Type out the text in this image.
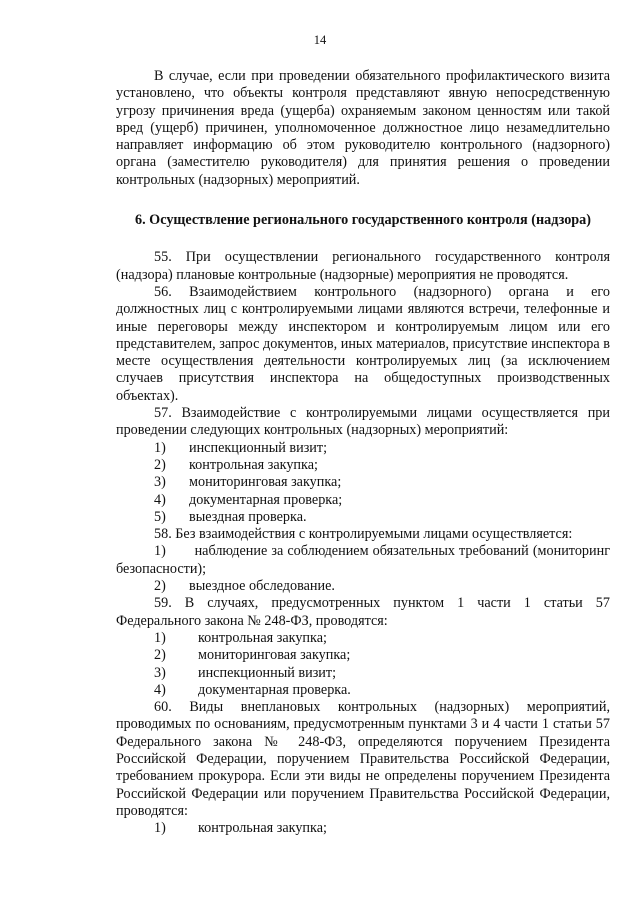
14

В случае, если при проведении обязательного профилактического визита установлено, что объекты контроля представляют явную непосредственную угрозу причинения вреда (ущерба) охраняемым законом ценностям или такой вред (ущерб) причинен, уполномоченное должностное лицо незамедлительно направляет информацию об этом руководителю контрольного (надзорного) органа (заместителю руководителя) для принятия решения о проведении контрольных (надзорных) мероприятий.

6. Осуществление регионального государственного контроля (надзора)

55. При осуществлении регионального государственного контроля (надзора) плановые контрольные (надзорные) мероприятия не проводятся.

56. Взаимодействием контрольного (надзорного) органа и его должностных лиц с контролируемыми лицами являются встречи, телефонные и иные переговоры между инспектором и контролируемым лицом или его представителем, запрос документов, иных материалов, присутствие инспектора в месте осуществления деятельности контролируемых лиц (за исключением случаев присутствия инспектора на общедоступных производственных объектах).

57. Взаимодействие с контролируемыми лицами осуществляется при проведении следующих контрольных (надзорных) мероприятий:

1)	инспекционный визит;
2)	контрольная закупка;
3)	мониторинговая закупка;
4)	документарная проверка;
5)	выездная проверка.

58. Без взаимодействия с контролируемыми лицами осуществляется:

1) наблюдение за соблюдением обязательных требований (мониторинг безопасности);

2)	выездное обследование.

59. В случаях, предусмотренных пунктом 1 части 1 статьи 57 Федерального закона № 248-ФЗ, проводятся:

1)	контрольная закупка;
2)	мониторинговая закупка;
3)	инспекционный визит;
4)	документарная проверка.

60. Виды внеплановых контрольных (надзорных) мероприятий, проводимых по основаниям, предусмотренным пунктами 3 и 4 части 1 статьи 57 Федерального закона № 248-ФЗ, определяются поручением Президента Российской Федерации, поручением Правительства Российской Федерации, требованием прокурора. Если эти виды не определены поручением Президента Российской Федерации или поручением Правительства Российской Федерации, проводятся:

1)	контрольная закупка;
